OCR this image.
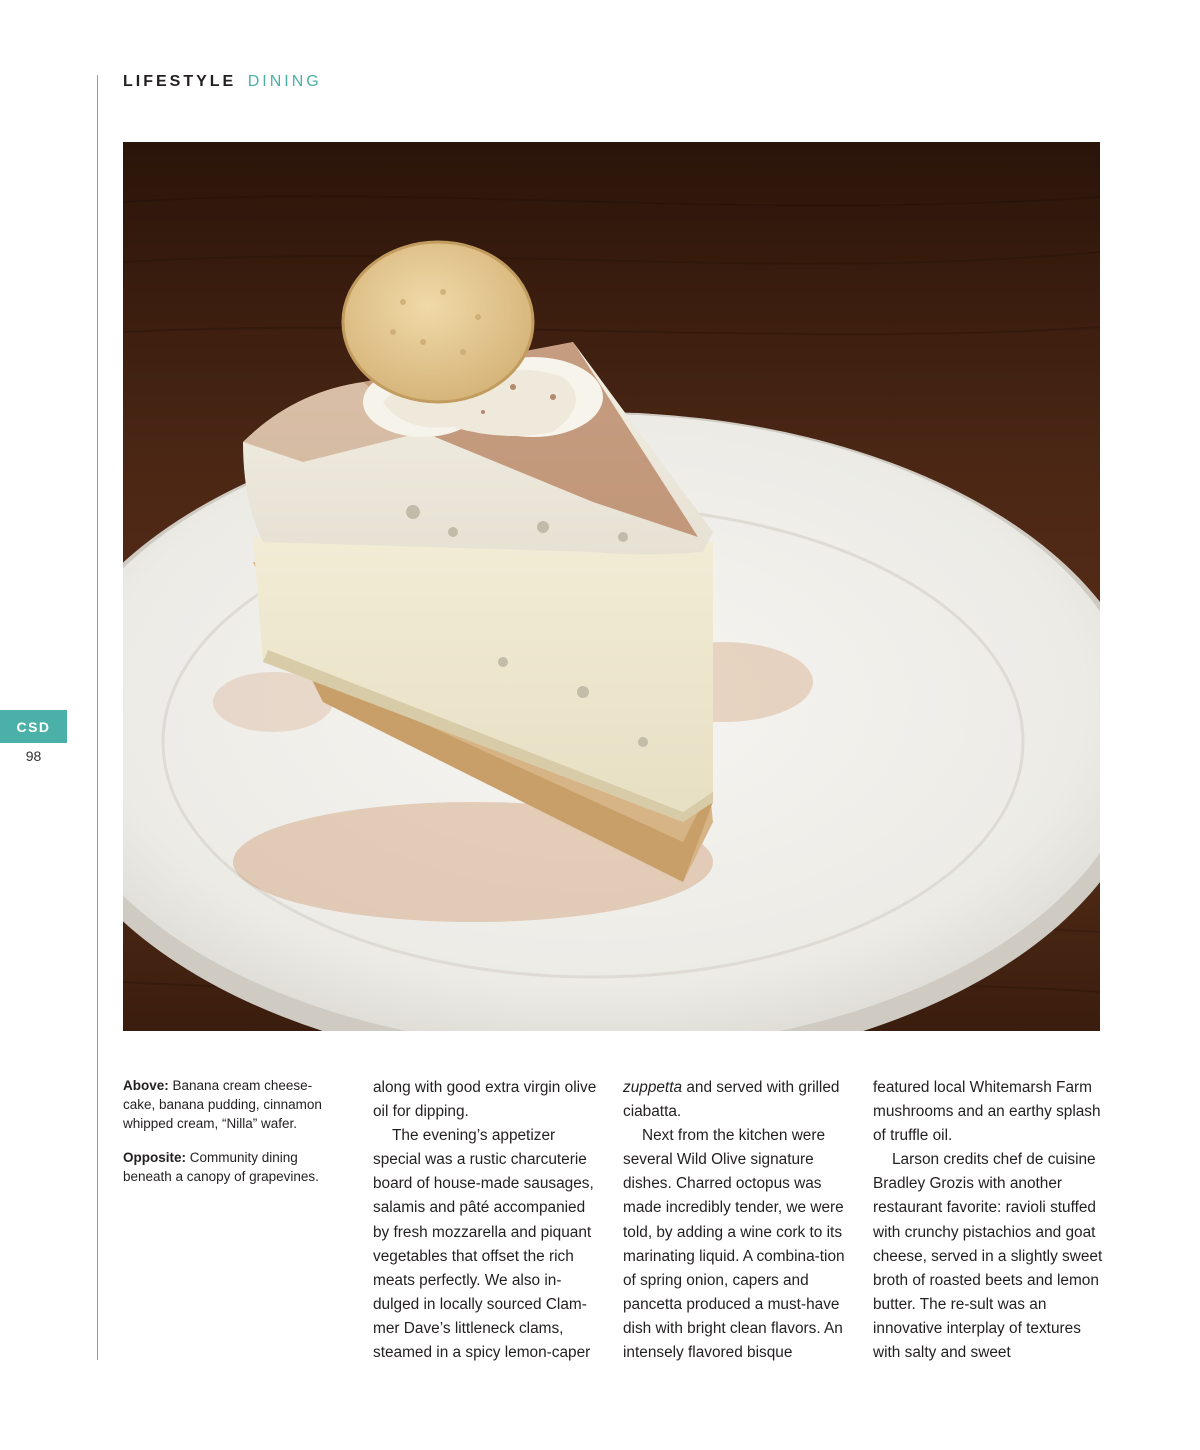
LIFESTYLE DINING
CSD
98

Above: Banana cream cheese-cake, banana pudding, cinnamon whipped cream, “Nilla” wafer.

Opposite: Community dining beneath a canopy of grapevines.

along with good extra virgin olive oil for dipping.

The evening’s appetizer special was a rustic charcuterie board of house-made sausages, salamis and pâté accompanied by fresh mozzarella and piquant vegetables that offset the rich meats perfectly. We also in-dulged in locally sourced Clam-mer Dave’s littleneck clams, steamed in a spicy lemon-caper

zuppetta and served with grilled ciabatta.

Next from the kitchen were several Wild Olive signature dishes. Charred octopus was made incredibly tender, we were told, by adding a wine cork to its marinating liquid. A combina-tion of spring onion, capers and pancetta produced a must-have dish with bright clean flavors. An intensely flavored bisque

featured local Whitemarsh Farm mushrooms and an earthy splash of truffle oil.

Larson credits chef de cuisine Bradley Grozis with another restaurant favorite: ravioli stuffed with crunchy pistachios and goat cheese, served in a slightly sweet broth of roasted beets and lemon butter. The re-sult was an innovative interplay of textures with salty and sweet
